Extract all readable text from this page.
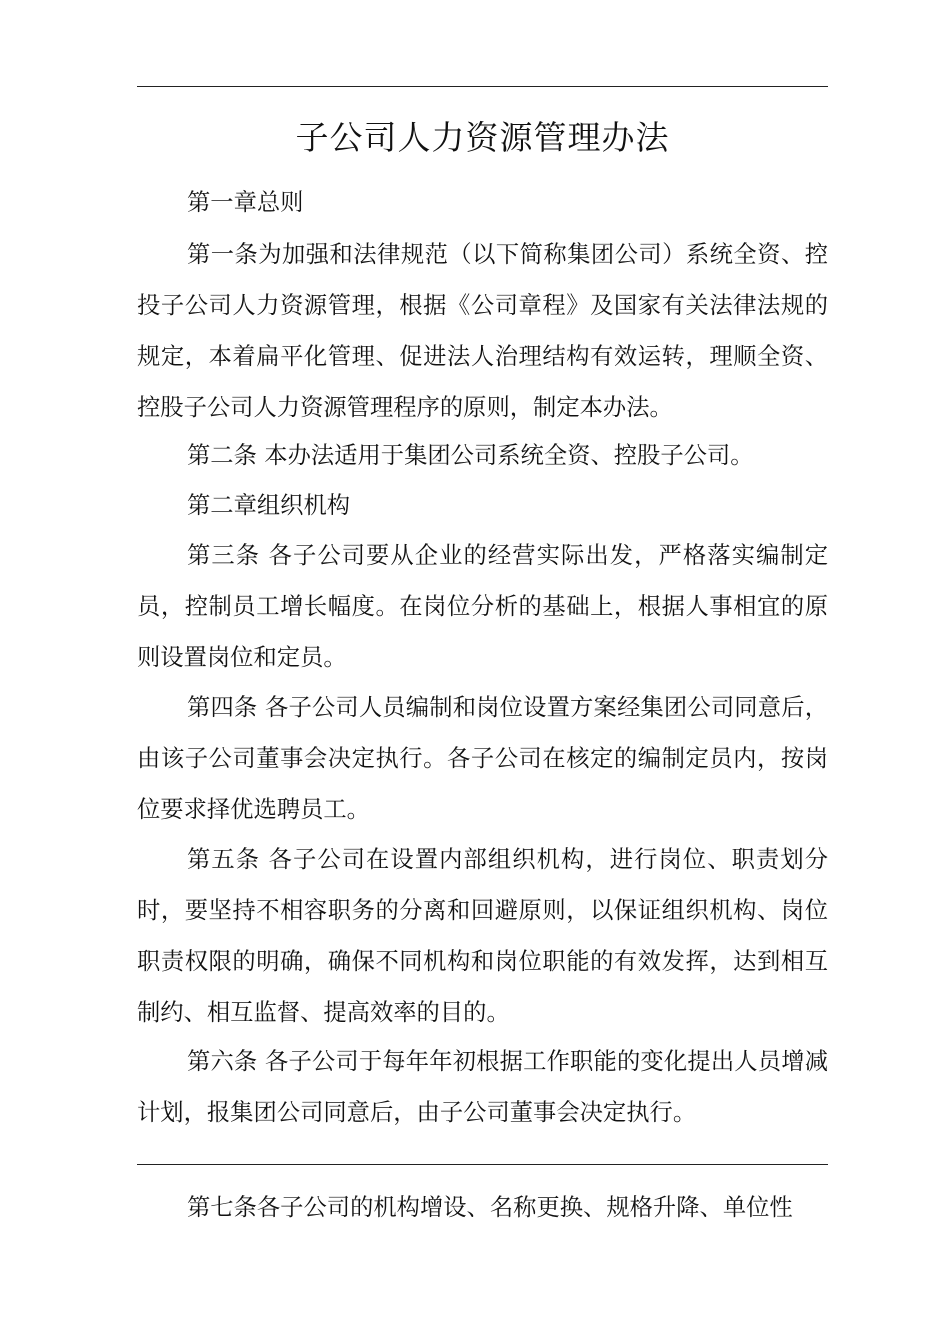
子公司人力资源管理办法

第一章总则

第一条为加强和法律规范（以下简称集团公司）系统全资、控投子公司人力资源管理，根据《公司章程》及国家有关法律法规的规定，本着扁平化管理、促进法人治理结构有效运转，理顺全资、控股子公司人力资源管理程序的原则，制定本办法。

第二条 本办法适用于集团公司系统全资、控股子公司。

第二章组织机构

第三条 各子公司要从企业的经营实际出发，严格落实编制定员，控制员工增长幅度。在岗位分析的基础上，根据人事相宜的原则设置岗位和定员。

第四条 各子公司人员编制和岗位设置方案经集团公司同意后，由该子公司董事会决定执行。各子公司在核定的编制定员内，按岗位要求择优选聘员工。

第五条 各子公司在设置内部组织机构，进行岗位、职责划分时，要坚持不相容职务的分离和回避原则，以保证组织机构、岗位职责权限的明确，确保不同机构和岗位职能的有效发挥，达到相互制约、相互监督、提高效率的目的。

第六条 各子公司于每年年初根据工作职能的变化提出人员增减计划，报集团公司同意后，由子公司董事会决定执行。

第七条各子公司的机构增设、名称更换、规格升降、单位性
